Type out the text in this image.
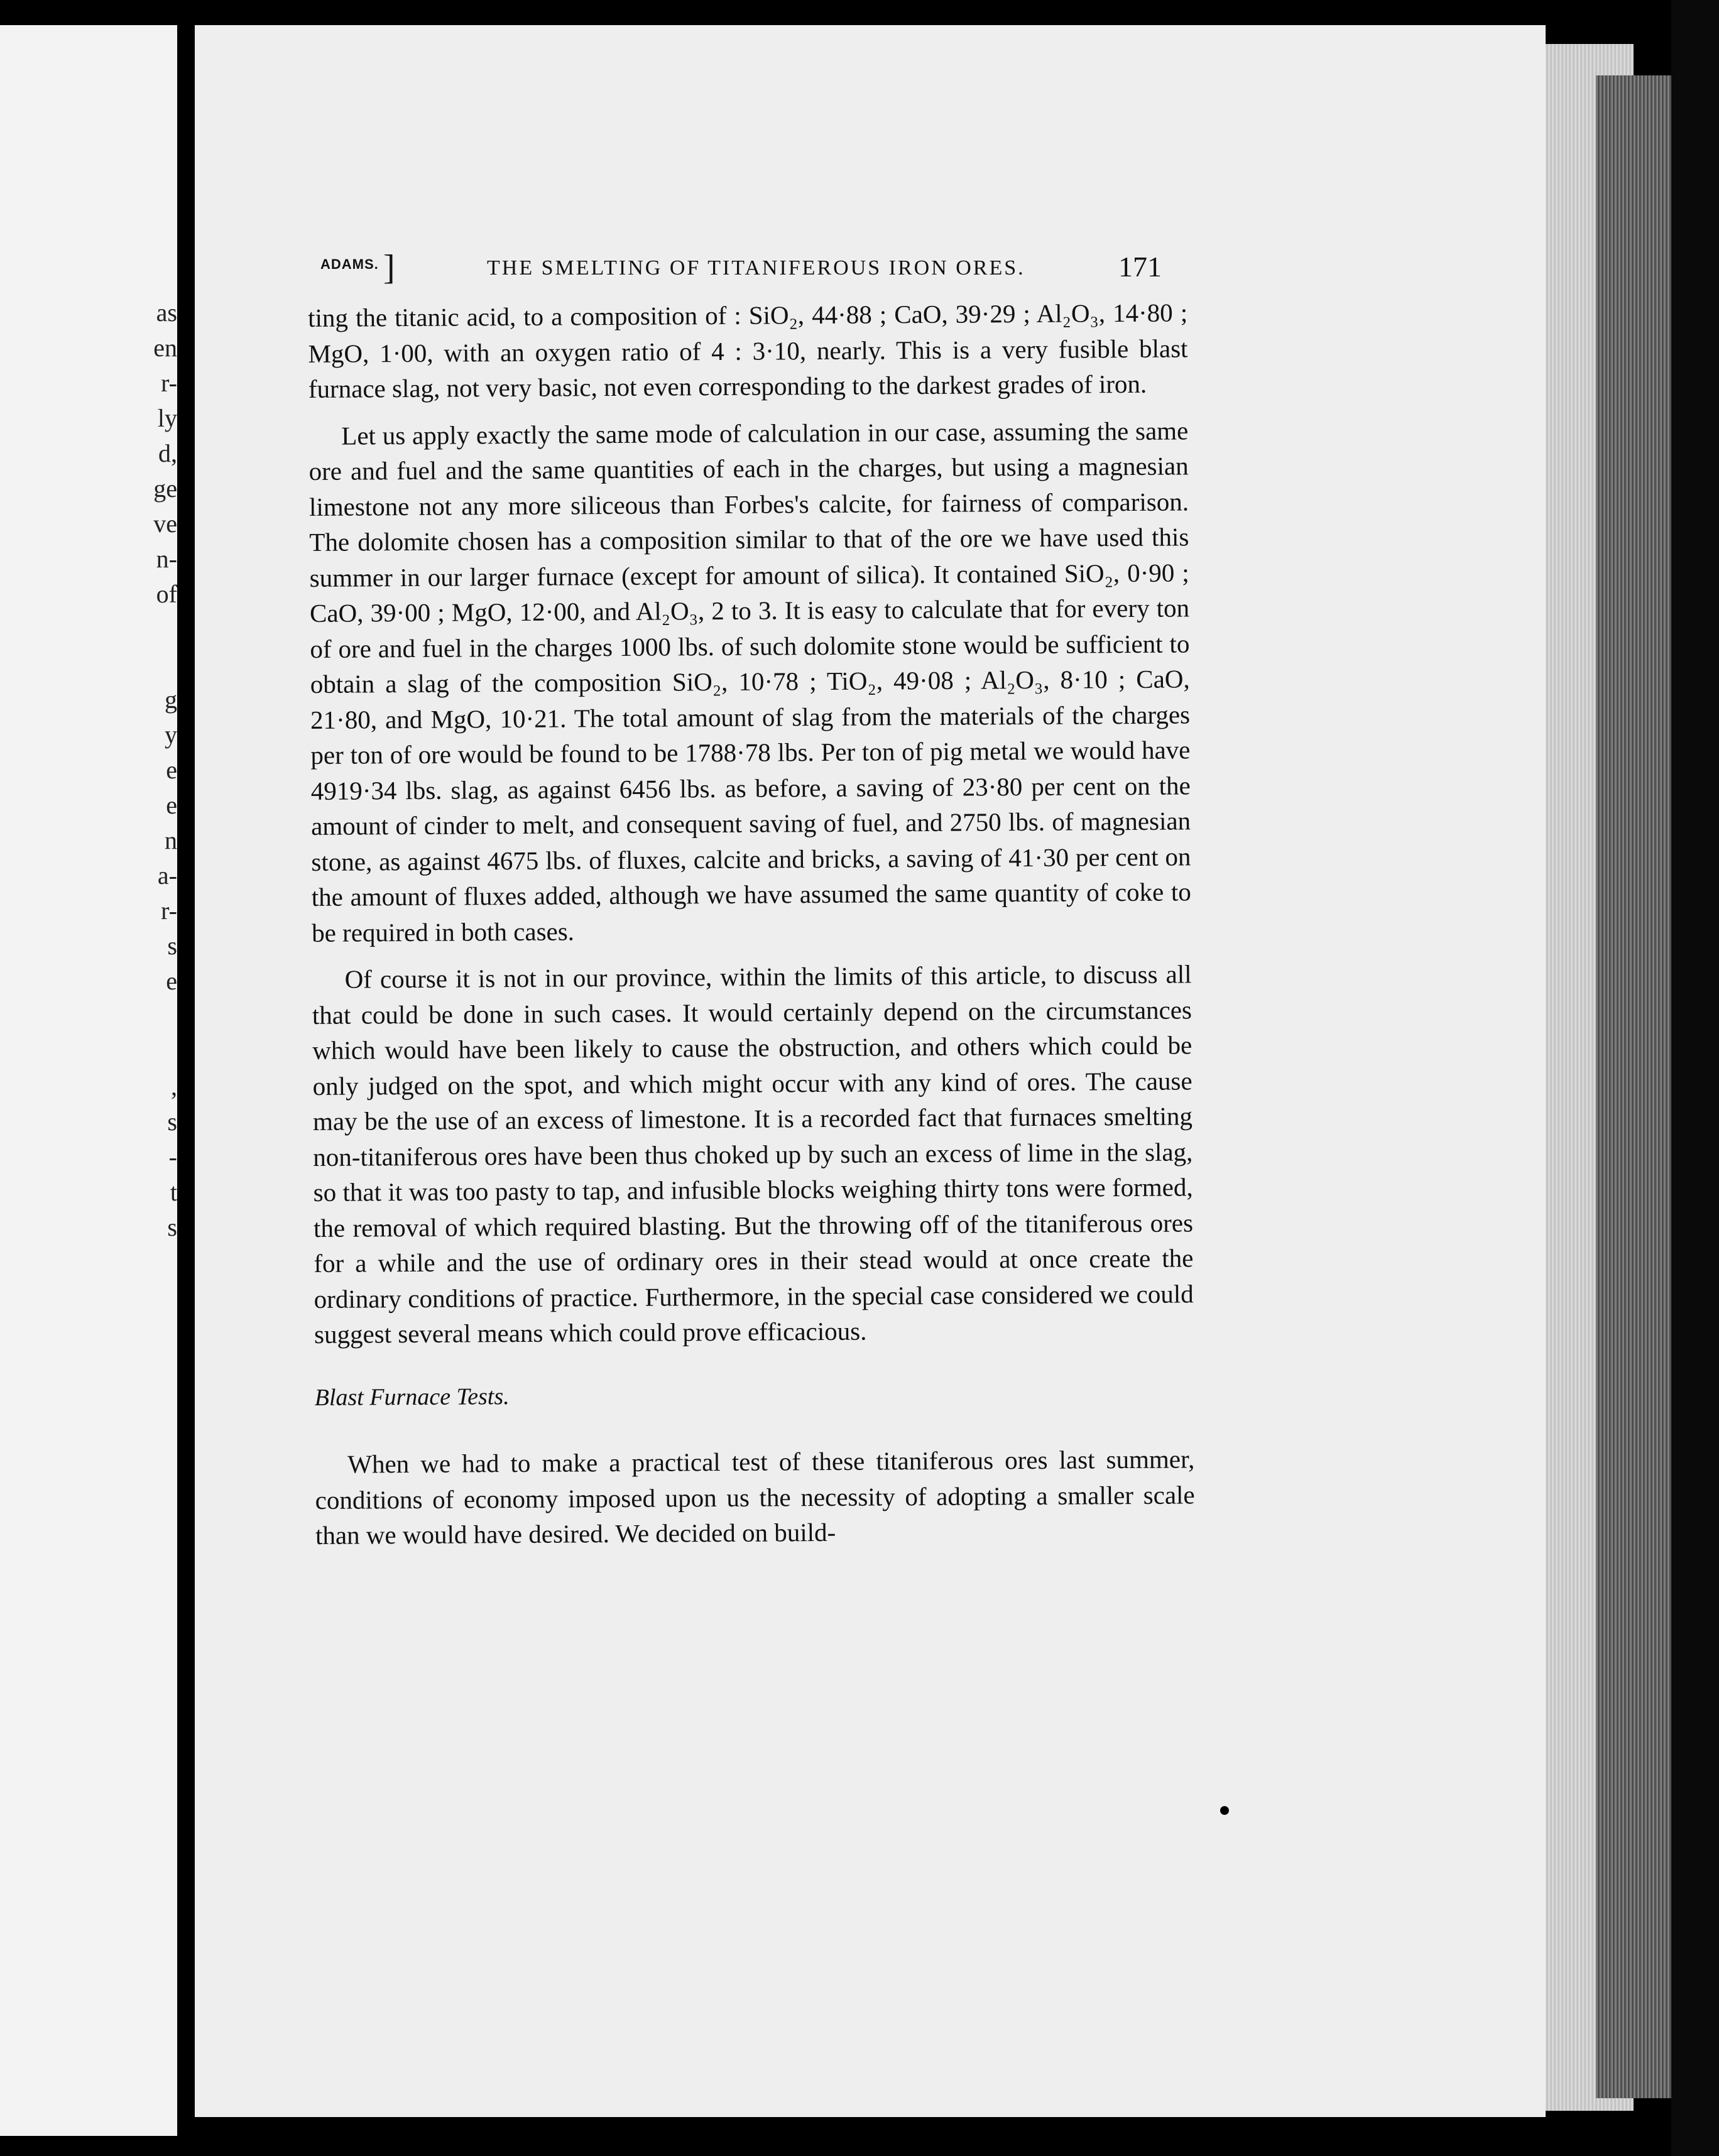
as
en
r-
ly
d,
ge
ve
n-
of

g
y
e
e
n
a-
r-
s
e

,
s
-
t
s
ADAMS. ]	THE SMELTING OF TITANIFEROUS IRON ORES.	171

ting the titanic acid, to a composition of : SiO₂, 44·88 ; CaO, 39·29 ; Al₂O₃, 14·80 ; MgO, 1·00, with an oxygen ratio of 4 : 3·10, nearly. This is a very fusible blast furnace slag, not very basic, not even corresponding to the darkest grades of iron.

Let us apply exactly the same mode of calculation in our case, assuming the same ore and fuel and the same quantities of each in the charges, but using a magnesian limestone not any more siliceous than Forbes's calcite, for fairness of comparison. The dolomite chosen has a composition similar to that of the ore we have used this summer in our larger furnace (except for amount of silica). It contained SiO₂, 0·90 ; CaO, 39·00 ; MgO, 12·00, and Al₂O₃, 2 to 3. It is easy to calculate that for every ton of ore and fuel in the charges 1000 lbs. of such dolomite stone would be sufficient to obtain a slag of the composition SiO₂, 10·78 ; TiO₂, 49·08 ; Al₂O₃, 8·10 ; CaO, 21·80, and MgO, 10·21. The total amount of slag from the materials of the charges per ton of ore would be found to be 1788·78 lbs. Per ton of pig metal we would have 4919·34 lbs. slag, as against 6456 lbs. as before, a saving of 23·80 per cent on the amount of cinder to melt, and consequent saving of fuel, and 2750 lbs. of magnesian stone, as against 4675 lbs. of fluxes, calcite and bricks, a saving of 41·30 per cent on the amount of fluxes added, although we have assumed the same quantity of coke to be required in both cases.

Of course it is not in our province, within the limits of this article, to discuss all that could be done in such cases. It would certainly depend on the circumstances which would have been likely to cause the obstruction, and others which could be only judged on the spot, and which might occur with any kind of ores. The cause may be the use of an excess of limestone. It is a recorded fact that furnaces smelting non-titaniferous ores have been thus choked up by such an excess of lime in the slag, so that it was too pasty to tap, and infusible blocks weighing thirty tons were formed, the removal of which required blasting. But the throwing off of the titaniferous ores for a while and the use of ordinary ores in their stead would at once create the ordinary conditions of practice. Furthermore, in the special case considered we could suggest several means which could prove efficacious.

Blast Furnace Tests.

When we had to make a practical test of these titaniferous ores last summer, conditions of economy imposed upon us the necessity of adopting a smaller scale than we would have desired. We decided on build-
